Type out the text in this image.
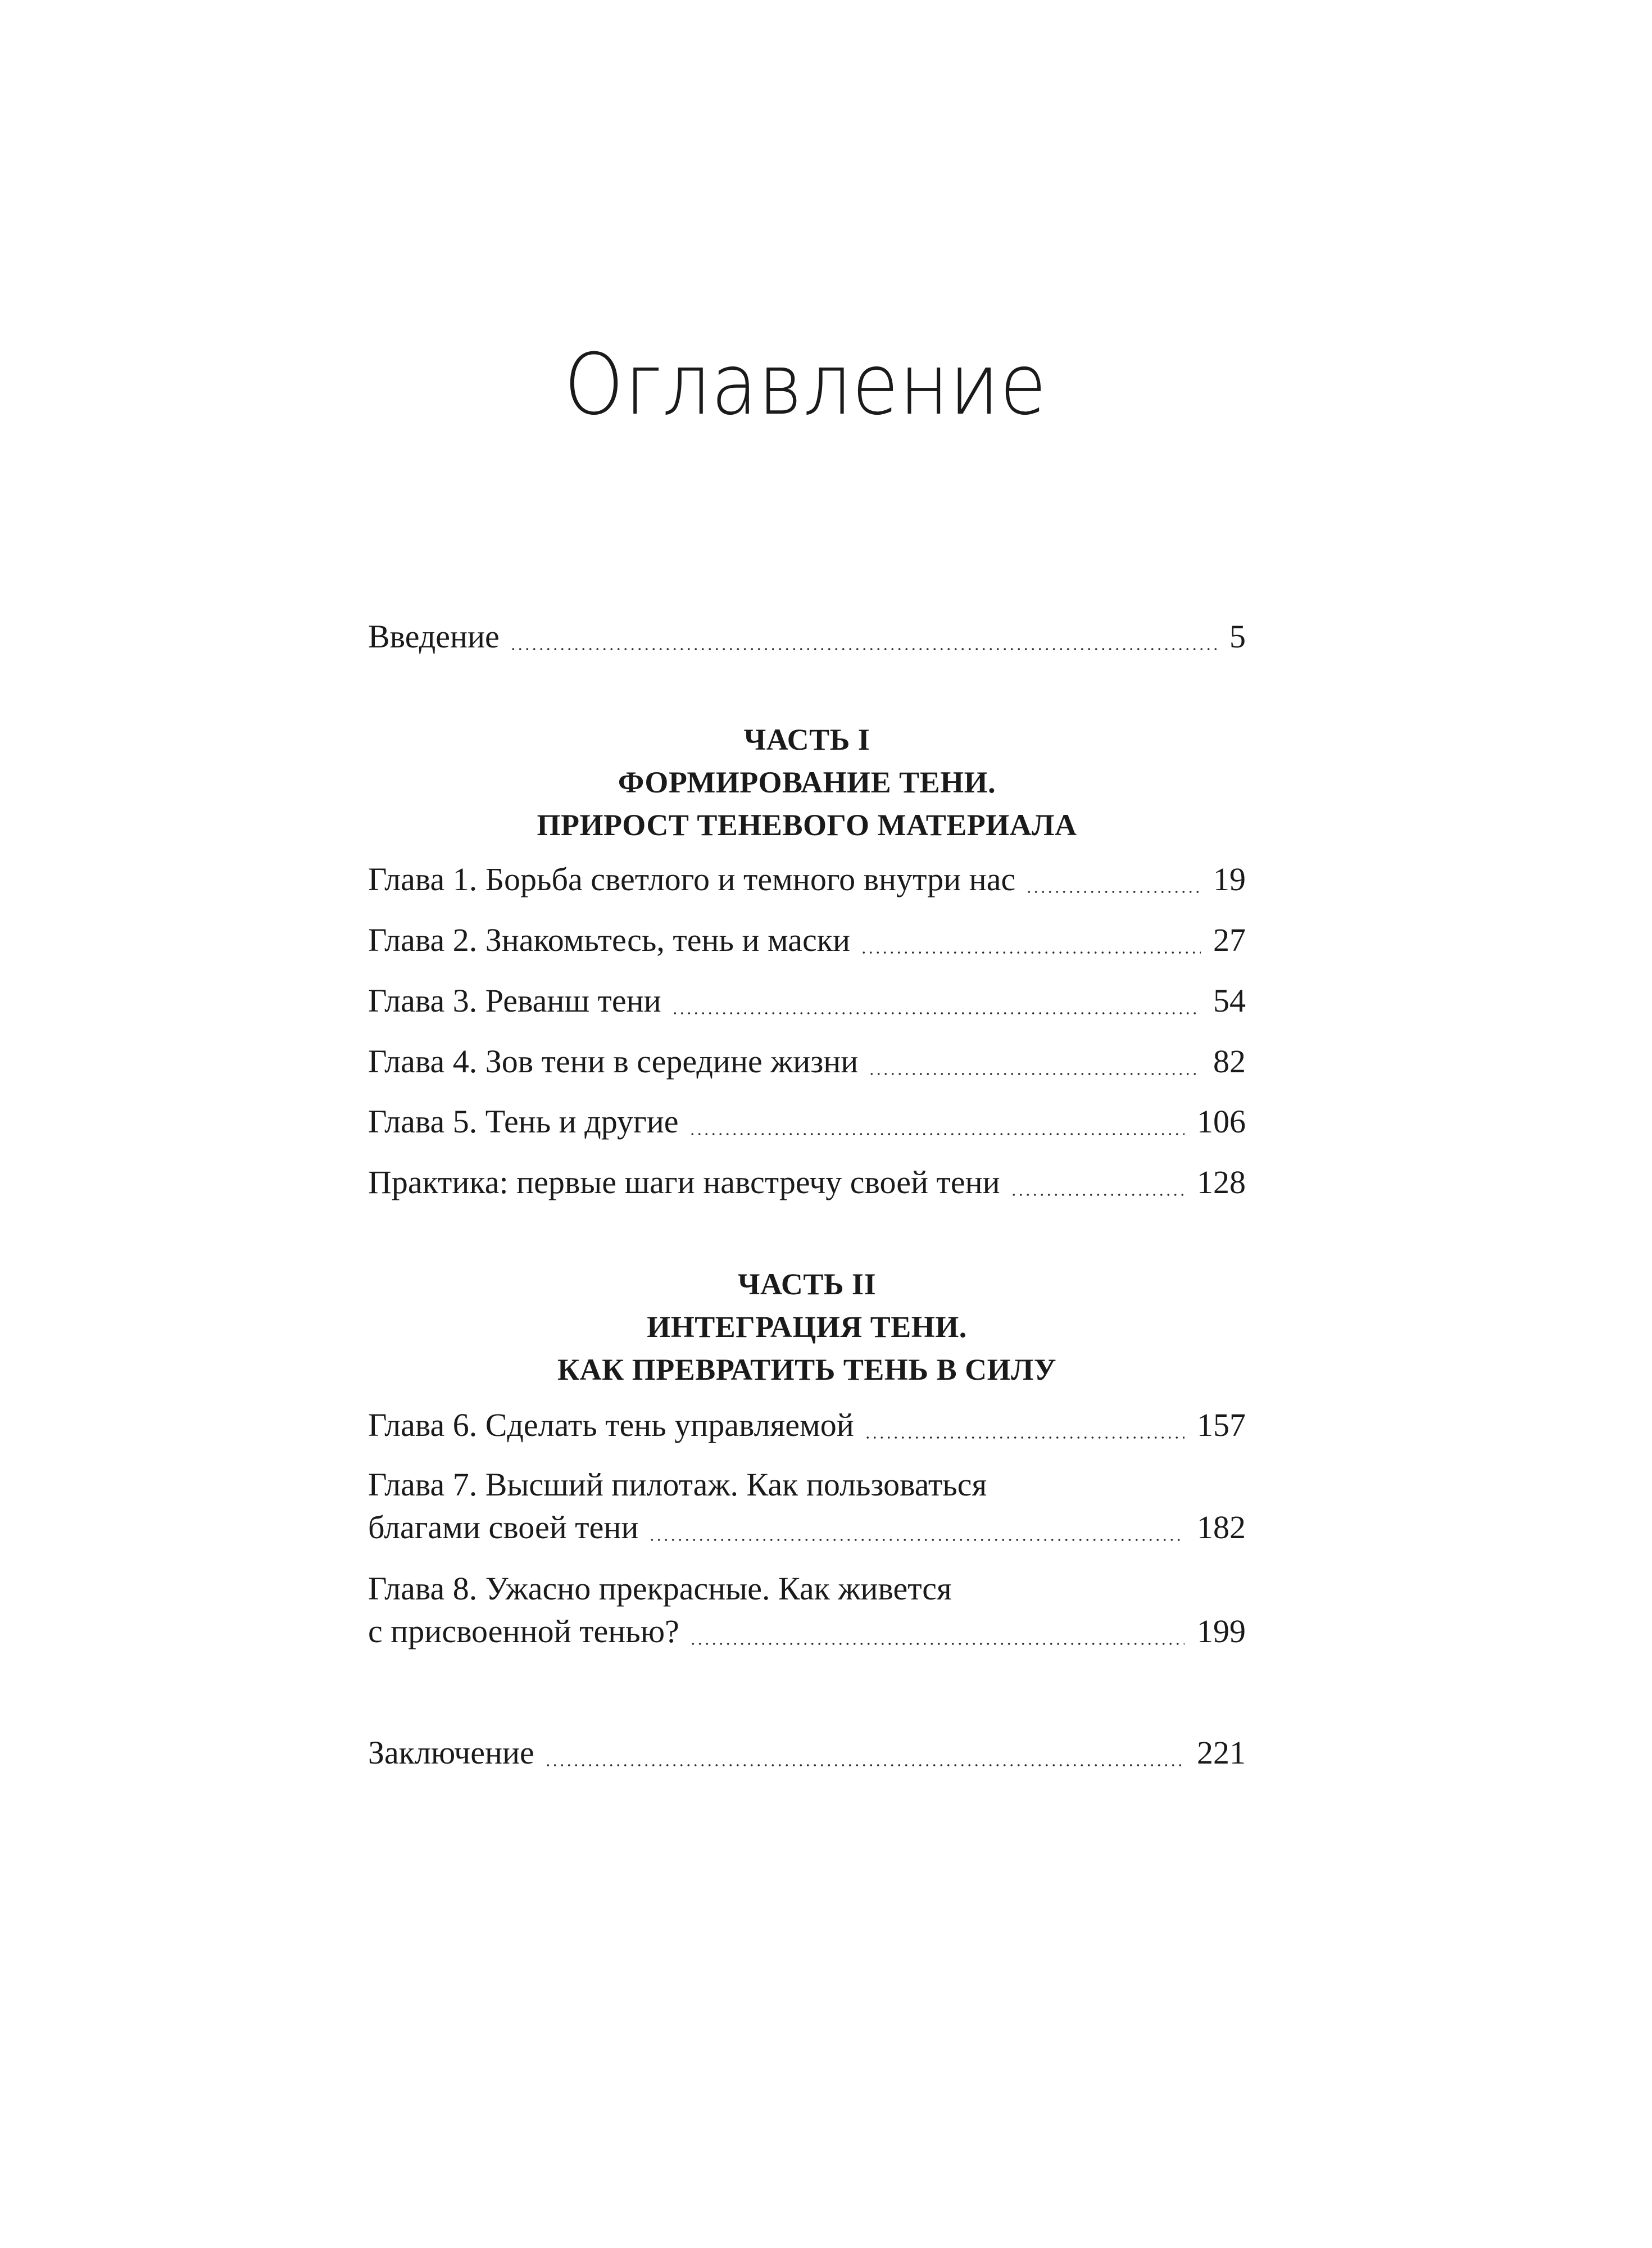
Оглавление
Введение	5
ЧАСТЬ I
ФОРМИРОВАНИЕ ТЕНИ.
ПРИРОСТ ТЕНЕВОГО МАТЕРИАЛА
Глава 1. Борьба светлого и темного внутри нас	19
Глава 2. Знакомьтесь, тень и маски	27
Глава 3. Реванш тени	54
Глава 4. Зов тени в середине жизни	82
Глава 5. Тень и другие	106
Практика: первые шаги навстречу своей тени	128
ЧАСТЬ II
ИНТЕГРАЦИЯ ТЕНИ.
КАК ПРЕВРАТИТЬ ТЕНЬ В СИЛУ
Глава 6. Сделать тень управляемой	157
Глава 7. Высший пилотаж. Как пользоваться
благами своей тени	182
Глава 8. Ужасно прекрасные. Как живется
с присвоенной тенью?	199
Заключение	221
